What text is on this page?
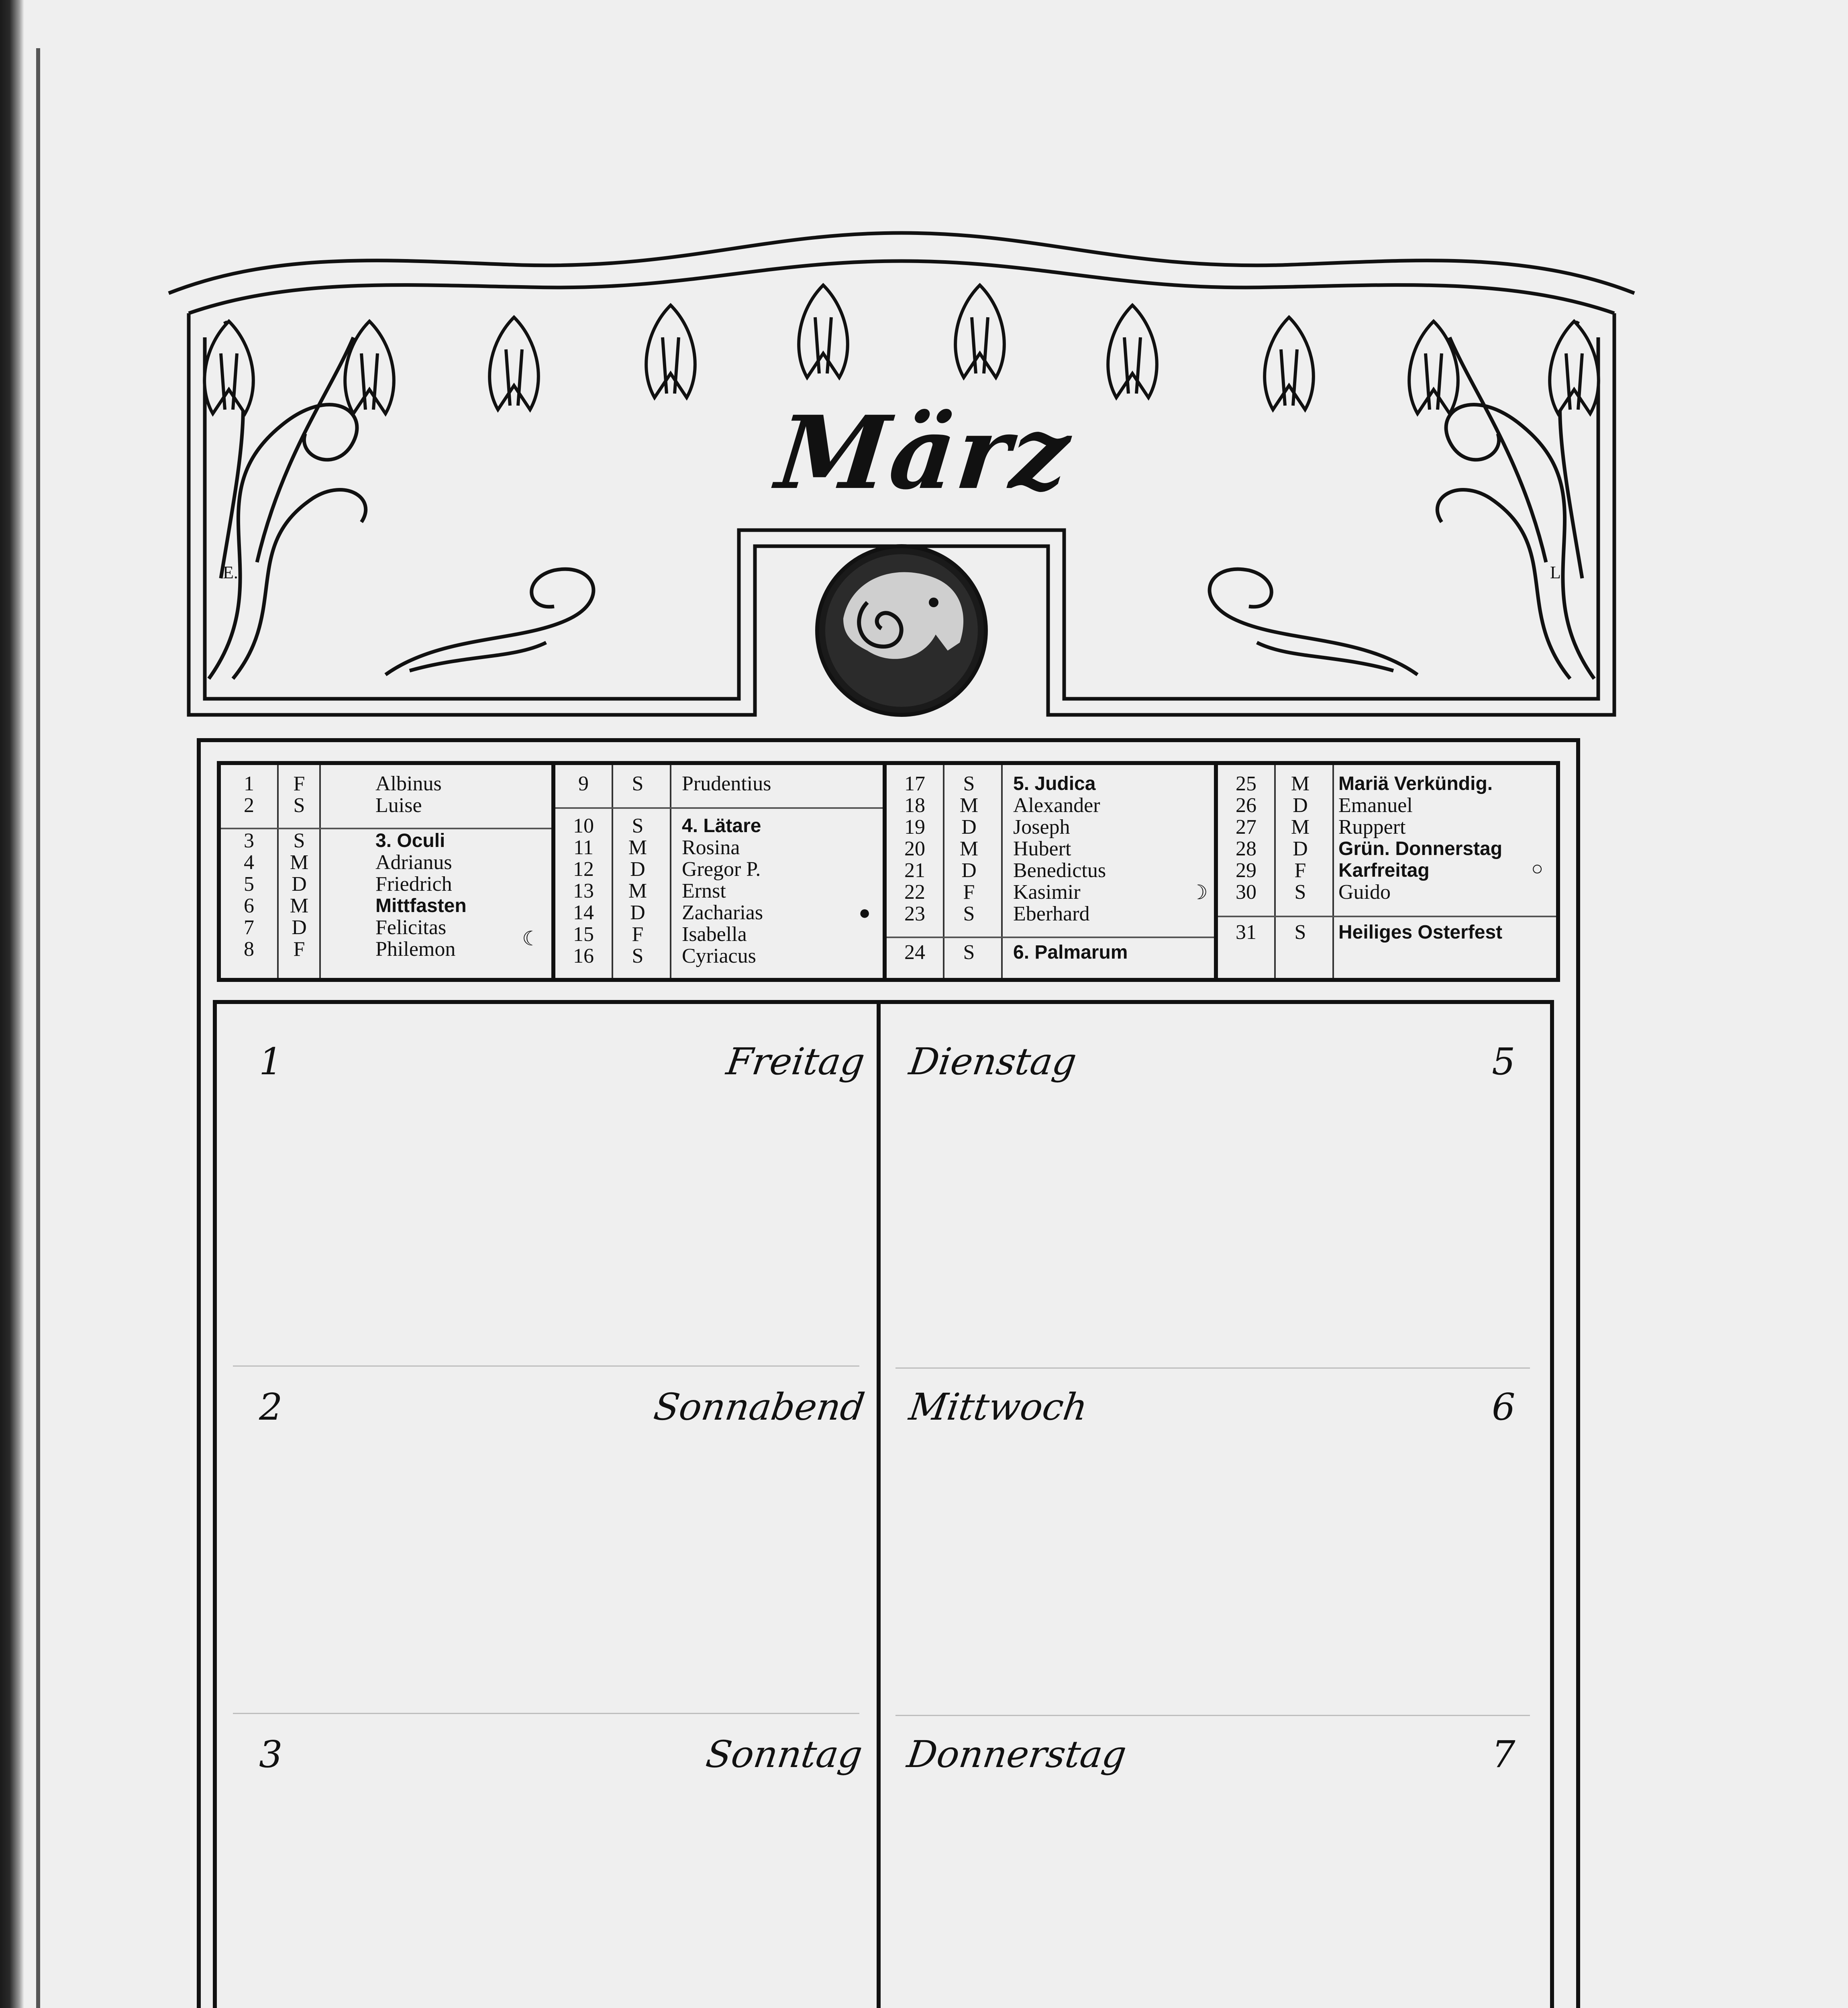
E.	L.
März
1	F	Albinus
2	S	Luise
3	S	3. Oculi
4	M	Adrianus
5	D	Friedrich
6	M	Mittfasten
7	D	Felicitas
8	F	Philemon	☾
9	S	Prudentius
10	S	4. Lätare
11	M	Rosina
12	D	Gregor P.
13	M	Ernst
14	D	Zacharias
15	F	Isabella
16	S	Cyriacus
●
17	S	5. Judica
18	M	Alexander
19	D	Joseph
20	M	Hubert
21	D	Benedictus
22	F	Kasimir
23	S	Eberhard
24	S	6. Palmarum
☽
25	M	Mariä Verkündig.
26	D	Emanuel
27	M	Ruppert
28	D	Grün. Donnerstag
29	F	Karfreitag
30	S	Guido
31	S	Heiliges Osterfest
○
1	Freitag
2	Sonnabend
3	Sonntag
Dienstag	5
Mittwoch	6
Donnerstag	7
